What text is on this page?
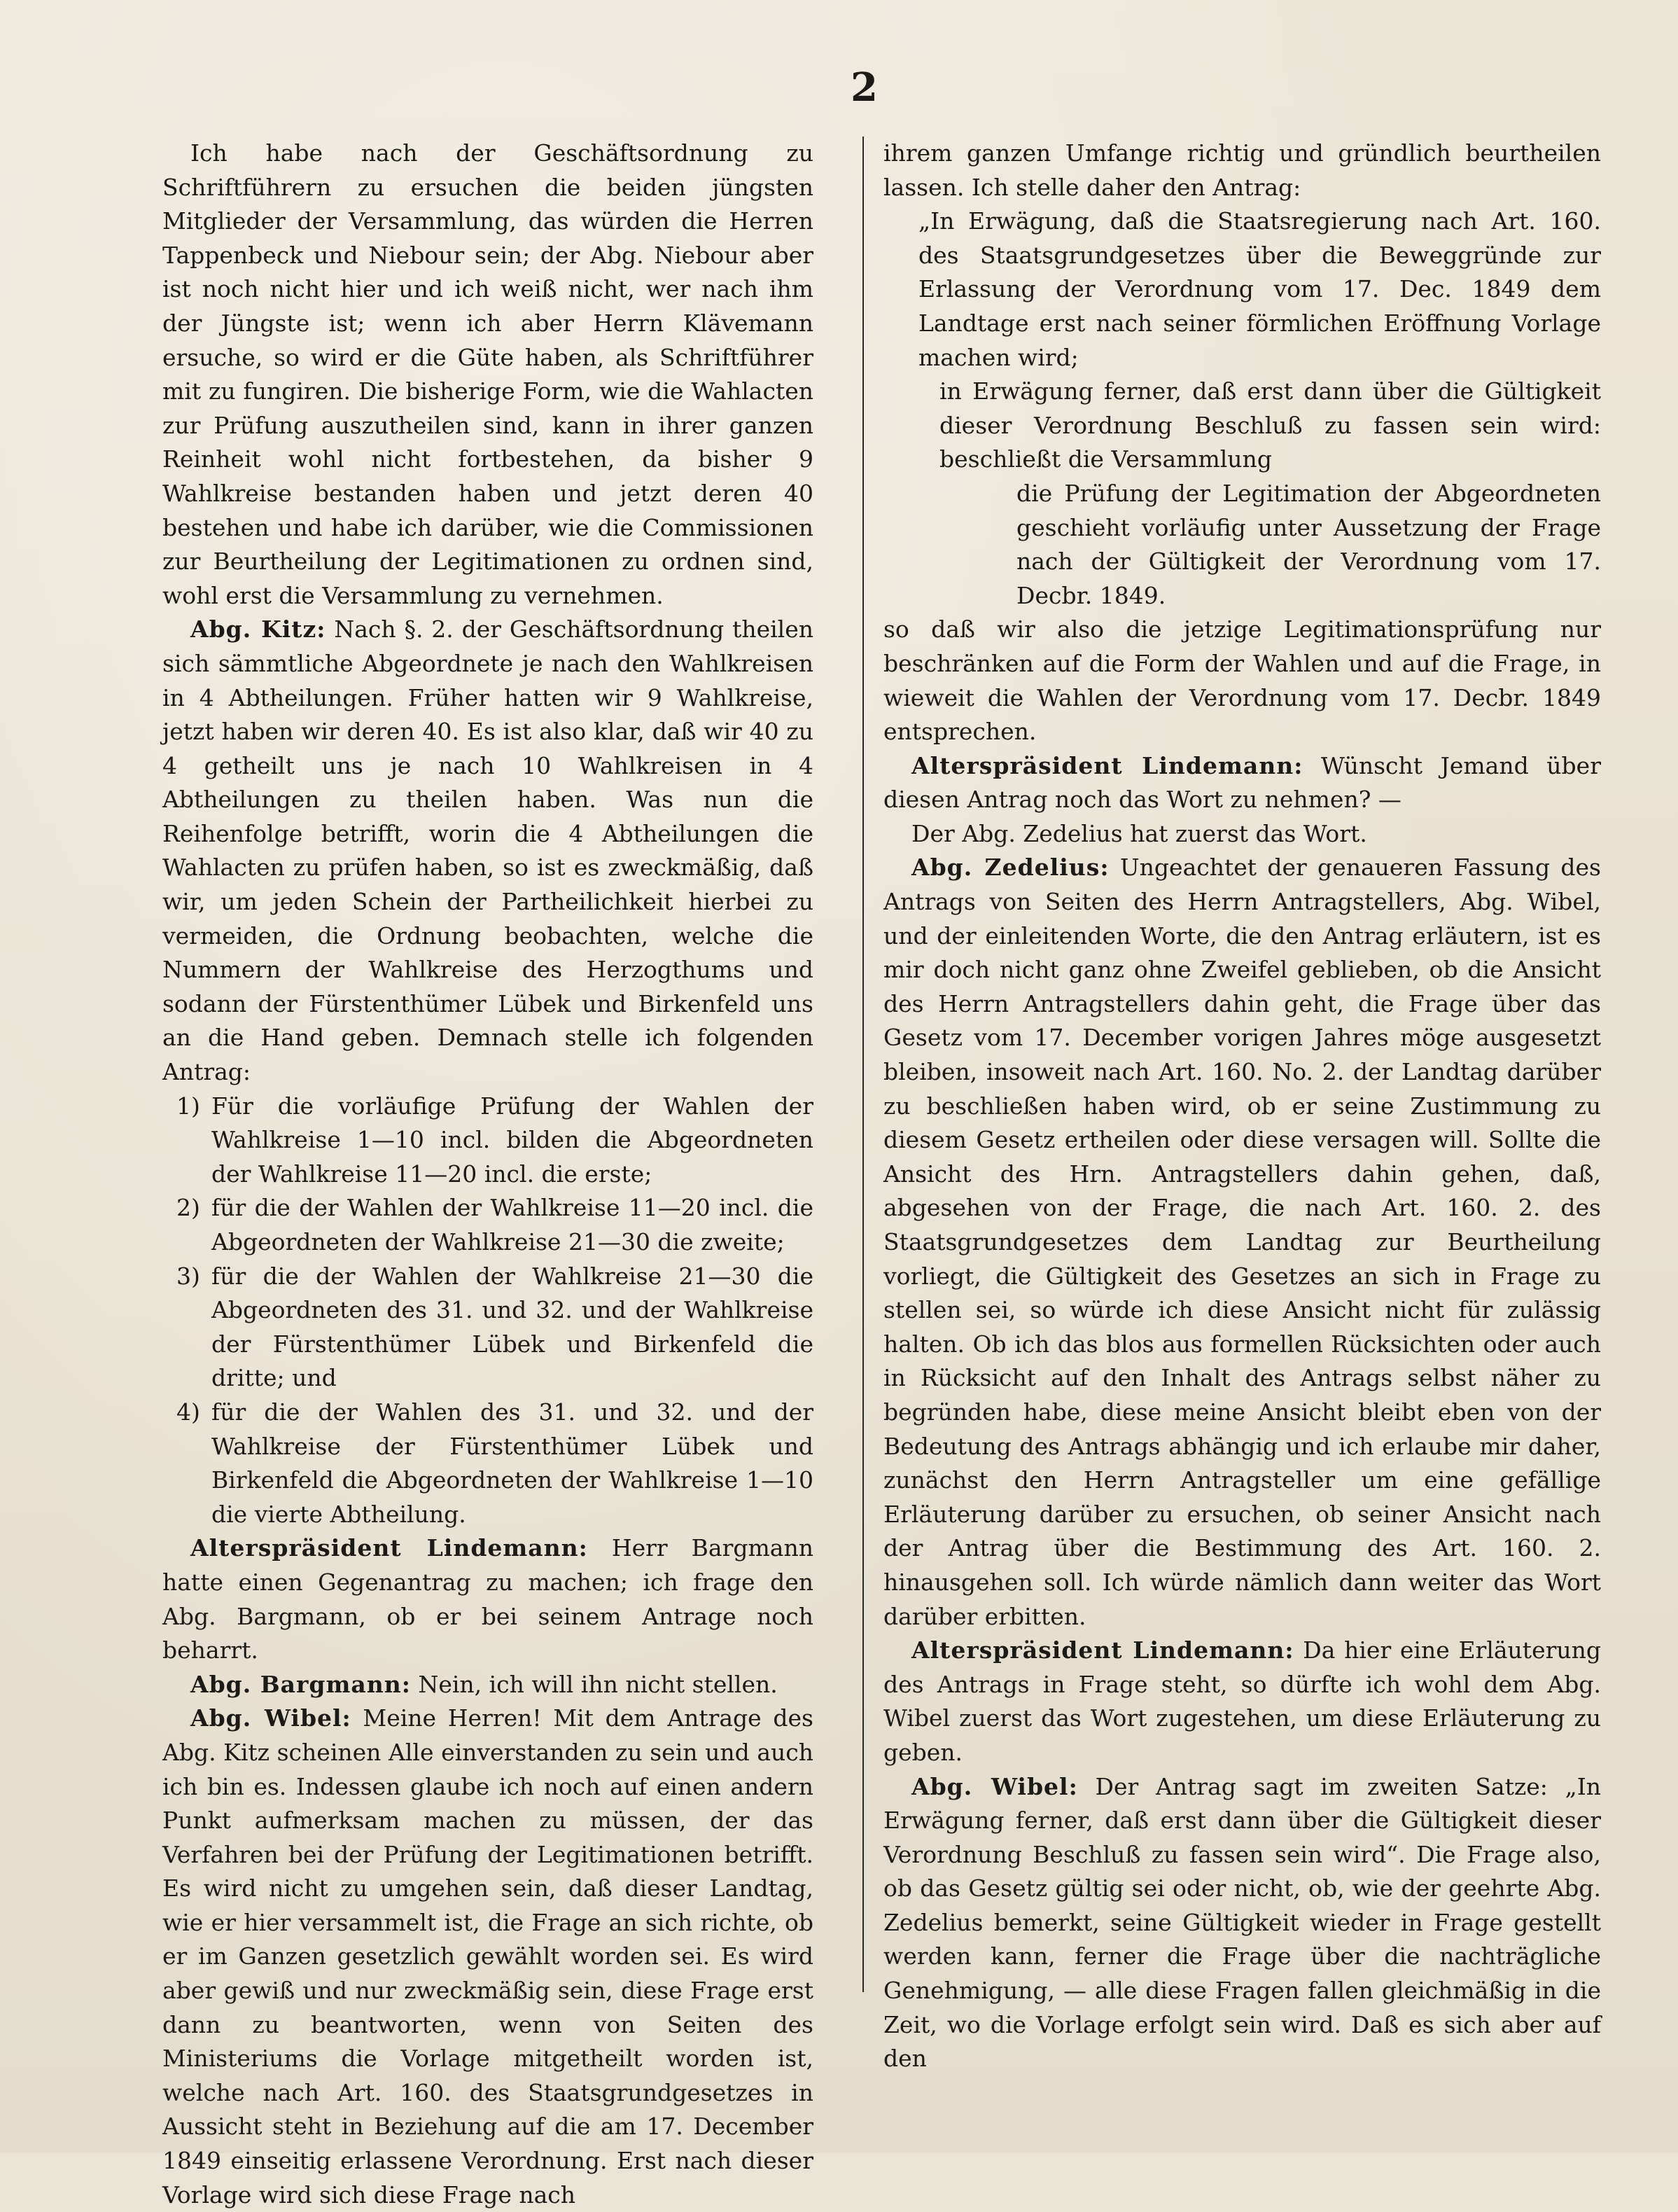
2

Ich habe nach der Geschäftsordnung zu Schriftführern zu ersuchen die beiden jüngsten Mitglieder der Versammlung, das würden die Herren Tappenbeck und Niebour sein; der Abg. Niebour aber ist noch nicht hier und ich weiß nicht, wer nach ihm der Jüngste ist; wenn ich aber Herrn Klävemann ersuche, so wird er die Güte haben, als Schriftführer mit zu fungiren. Die bisherige Form, wie die Wahlacten zur Prüfung auszutheilen sind, kann in ihrer ganzen Reinheit wohl nicht fortbestehen, da bisher 9 Wahlkreise bestanden haben und jetzt deren 40 bestehen und habe ich darüber, wie die Commissionen zur Beurtheilung der Legitimationen zu ordnen sind, wohl erst die Versammlung zu vernehmen.

Abg. Kitz: Nach §. 2. der Geschäftsordnung theilen sich sämmtliche Abgeordnete je nach den Wahlkreisen in 4 Abtheilungen. Früher hatten wir 9 Wahlkreise, jetzt haben wir deren 40. Es ist also klar, daß wir 40 zu 4 getheilt uns je nach 10 Wahlkreisen in 4 Abtheilungen zu theilen haben. Was nun die Reihenfolge betrifft, worin die 4 Abtheilungen die Wahlacten zu prüfen haben, so ist es zweckmäßig, daß wir, um jeden Schein der Partheilichkeit hierbei zu vermeiden, die Ordnung beobachten, welche die Nummern der Wahlkreise des Herzogthums und sodann der Fürstenthümer Lübek und Birkenfeld uns an die Hand geben. Demnach stelle ich folgenden Antrag:

1) Für die vorläufige Prüfung der Wahlen der Wahlkreise 1—10 incl. bilden die Abgeordneten der Wahlkreise 11—20 incl. die erste;
2) für die der Wahlen der Wahlkreise 11—20 incl. die Abgeordneten der Wahlkreise 21—30 die zweite;
3) für die der Wahlen der Wahlkreise 21—30 die Abgeordneten des 31. und 32. und der Wahlkreise der Fürstenthümer Lübek und Birkenfeld die dritte; und
4) für die der Wahlen des 31. und 32. und der Wahlkreise der Fürstenthümer Lübek und Birkenfeld die Abgeordneten der Wahlkreise 1—10 die vierte Abtheilung.

Alterspräsident Lindemann: Herr Bargmann hatte einen Gegenantrag zu machen; ich frage den Abg. Bargmann, ob er bei seinem Antrage noch beharrt.

Abg. Bargmann: Nein, ich will ihn nicht stellen.

Abg. Wibel: Meine Herren! Mit dem Antrage des Abg. Kitz scheinen Alle einverstanden zu sein und auch ich bin es. Indessen glaube ich noch auf einen andern Punkt aufmerksam machen zu müssen, der das Verfahren bei der Prüfung der Legitimationen betrifft. Es wird nicht zu umgehen sein, daß dieser Landtag, wie er hier versammelt ist, die Frage an sich richte, ob er im Ganzen gesetzlich gewählt worden sei. Es wird aber gewiß und nur zweckmäßig sein, diese Frage erst dann zu beantworten, wenn von Seiten des Ministeriums die Vorlage mitgetheilt worden ist, welche nach Art. 160. des Staatsgrundgesetzes in Aussicht steht in Beziehung auf die am 17. December 1849 einseitig erlassene Verordnung. Erst nach dieser Vorlage wird sich diese Frage nach

ihrem ganzen Umfange richtig und gründlich beurtheilen lassen. Ich stelle daher den Antrag:

„In Erwägung, daß die Staatsregierung nach Art. 160. des Staatsgrundgesetzes über die Beweggründe zur Erlassung der Verordnung vom 17. Dec. 1849 dem Landtage erst nach seiner förmlichen Eröffnung Vorlage machen wird;

in Erwägung ferner, daß erst dann über die Gültigkeit dieser Verordnung Beschluß zu fassen sein wird: beschließt die Versammlung

die Prüfung der Legitimation der Abgeordneten geschieht vorläufig unter Aussetzung der Frage nach der Gültigkeit der Verordnung vom 17. Decbr. 1849.

so daß wir also die jetzige Legitimationsprüfung nur beschränken auf die Form der Wahlen und auf die Frage, in wieweit die Wahlen der Verordnung vom 17. Decbr. 1849 entsprechen.

Alterspräsident Lindemann: Wünscht Jemand über diesen Antrag noch das Wort zu nehmen? —

Der Abg. Zedelius hat zuerst das Wort.

Abg. Zedelius: Ungeachtet der genaueren Fassung des Antrags von Seiten des Herrn Antragstellers, Abg. Wibel, und der einleitenden Worte, die den Antrag erläutern, ist es mir doch nicht ganz ohne Zweifel geblieben, ob die Ansicht des Herrn Antragstellers dahin geht, die Frage über das Gesetz vom 17. December vorigen Jahres möge ausgesetzt bleiben, insoweit nach Art. 160. No. 2. der Landtag darüber zu beschließen haben wird, ob er seine Zustimmung zu diesem Gesetz ertheilen oder diese versagen will. Sollte die Ansicht des Hrn. Antragstellers dahin gehen, daß, abgesehen von der Frage, die nach Art. 160. 2. des Staatsgrundgesetzes dem Landtag zur Beurtheilung vorliegt, die Gültigkeit des Gesetzes an sich in Frage zu stellen sei, so würde ich diese Ansicht nicht für zulässig halten. Ob ich das blos aus formellen Rücksichten oder auch in Rücksicht auf den Inhalt des Antrags selbst näher zu begründen habe, diese meine Ansicht bleibt eben von der Bedeutung des Antrags abhängig und ich erlaube mir daher, zunächst den Herrn Antragsteller um eine gefällige Erläuterung darüber zu ersuchen, ob seiner Ansicht nach der Antrag über die Bestimmung des Art. 160. 2. hinausgehen soll. Ich würde nämlich dann weiter das Wort darüber erbitten.

Alterspräsident Lindemann: Da hier eine Erläuterung des Antrags in Frage steht, so dürfte ich wohl dem Abg. Wibel zuerst das Wort zugestehen, um diese Erläuterung zu geben.

Abg. Wibel: Der Antrag sagt im zweiten Satze: „In Erwägung ferner, daß erst dann über die Gültigkeit dieser Verordnung Beschluß zu fassen sein wird“. Die Frage also, ob das Gesetz gültig sei oder nicht, ob, wie der geehrte Abg. Zedelius bemerkt, seine Gültigkeit wieder in Frage gestellt werden kann, ferner die Frage über die nachträgliche Genehmigung, — alle diese Fragen fallen gleichmäßig in die Zeit, wo die Vorlage erfolgt sein wird. Daß es sich aber auf den
